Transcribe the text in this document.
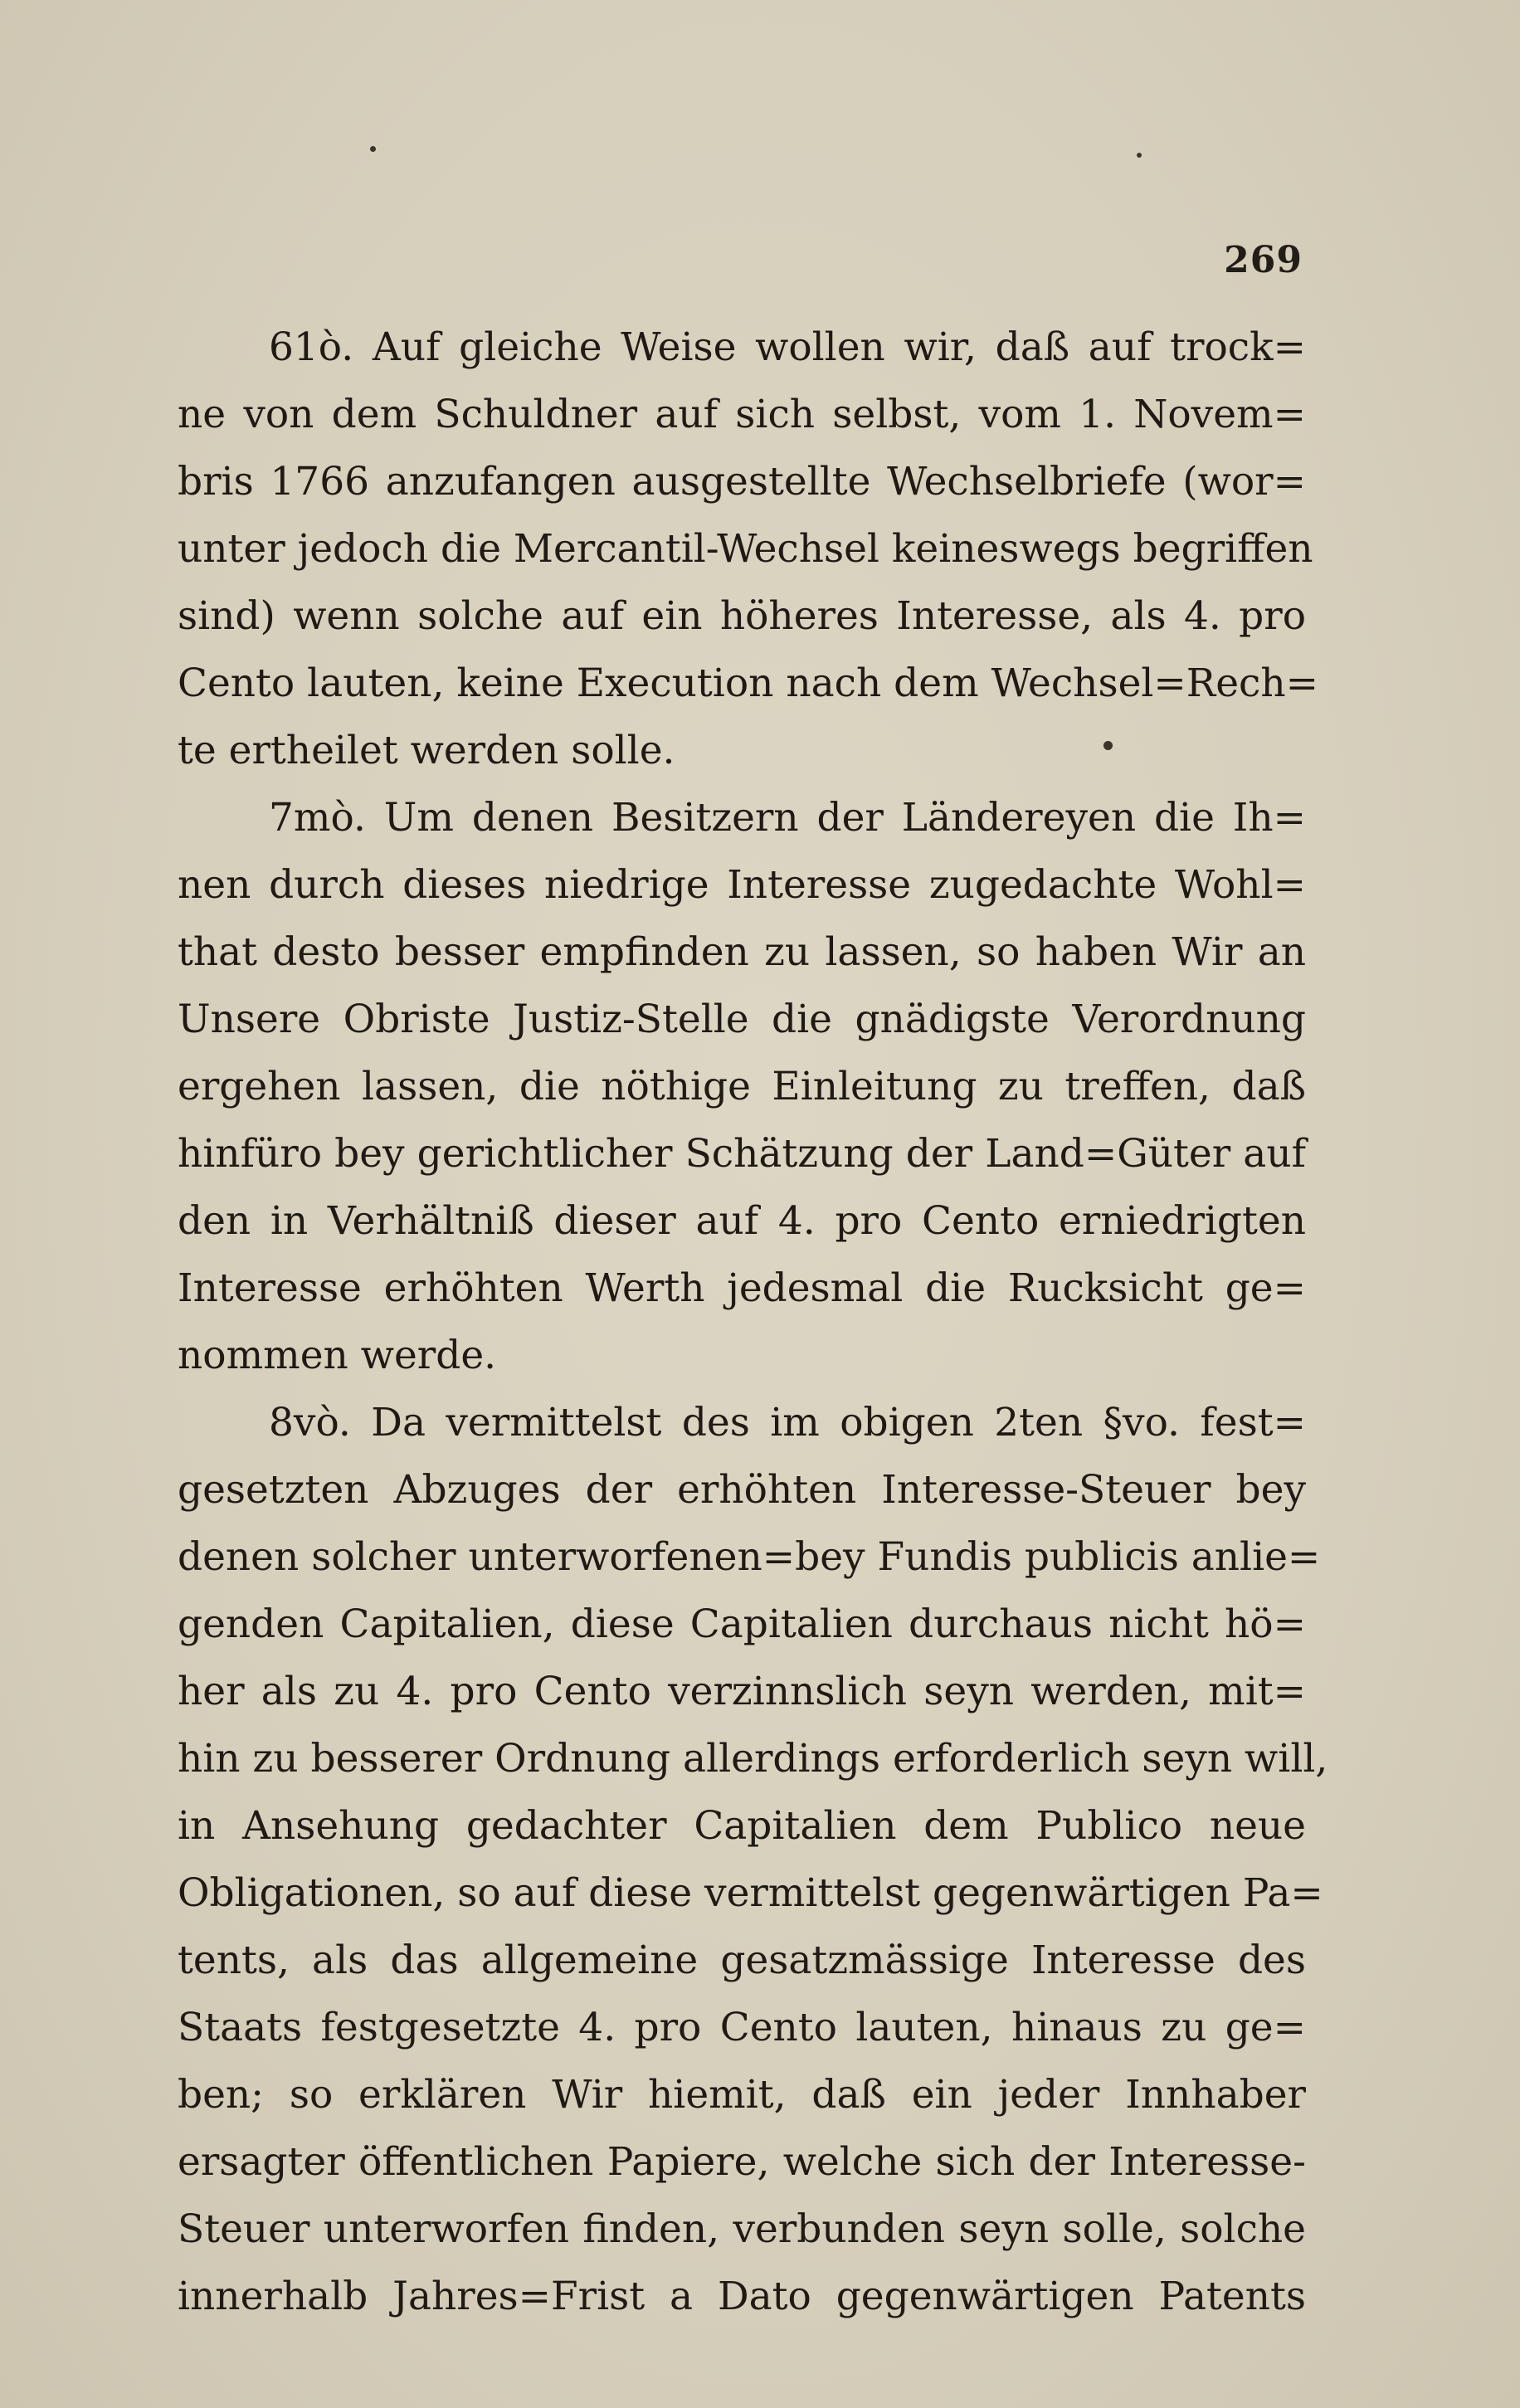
269
61ò. Auf gleiche Weise wollen wir, daß auf trock=
ne von dem Schuldner auf sich selbst, vom 1. Novem=
bris 1766 anzufangen ausgestellte Wechselbriefe (wor=
unter jedoch die Mercantil-Wechsel keineswegs begriffen
sind) wenn solche auf ein höheres Interesse, als 4. pro
Cento lauten, keine Execution nach dem Wechsel=Rech=
te ertheilet werden solle.
7mò. Um denen Besitzern der Ländereyen die Ih=
nen durch dieses niedrige Interesse zugedachte Wohl=
that desto besser empfinden zu lassen, so haben Wir an
Unsere Obriste Justiz-Stelle die gnädigste Verordnung
ergehen lassen, die nöthige Einleitung zu treffen, daß
hinfüro bey gerichtlicher Schätzung der Land=Güter auf
den in Verhältniß dieser auf 4. pro Cento erniedrigten
Interesse erhöhten Werth jedesmal die Rucksicht ge=
nommen werde.
8vò. Da vermittelst des im obigen 2ten §vo. fest=
gesetzten Abzuges der erhöhten Interesse-Steuer bey
denen solcher unterworfenen=bey Fundis publicis anlie=
genden Capitalien, diese Capitalien durchaus nicht hö=
her als zu 4. pro Cento verzinnslich seyn werden, mit=
hin zu besserer Ordnung allerdings erforderlich seyn will,
in Ansehung gedachter Capitalien dem Publico neue
Obligationen, so auf diese vermittelst gegenwärtigen Pa=
tents, als das allgemeine gesatzmässige Interesse des
Staats festgesetzte 4. pro Cento lauten, hinaus zu ge=
ben; so erklären Wir hiemit, daß ein jeder Innhaber
ersagter öffentlichen Papiere, welche sich der Interesse-
Steuer unterworfen finden, verbunden seyn solle, solche
innerhalb Jahres=Frist a Dato gegenwärtigen Patents
